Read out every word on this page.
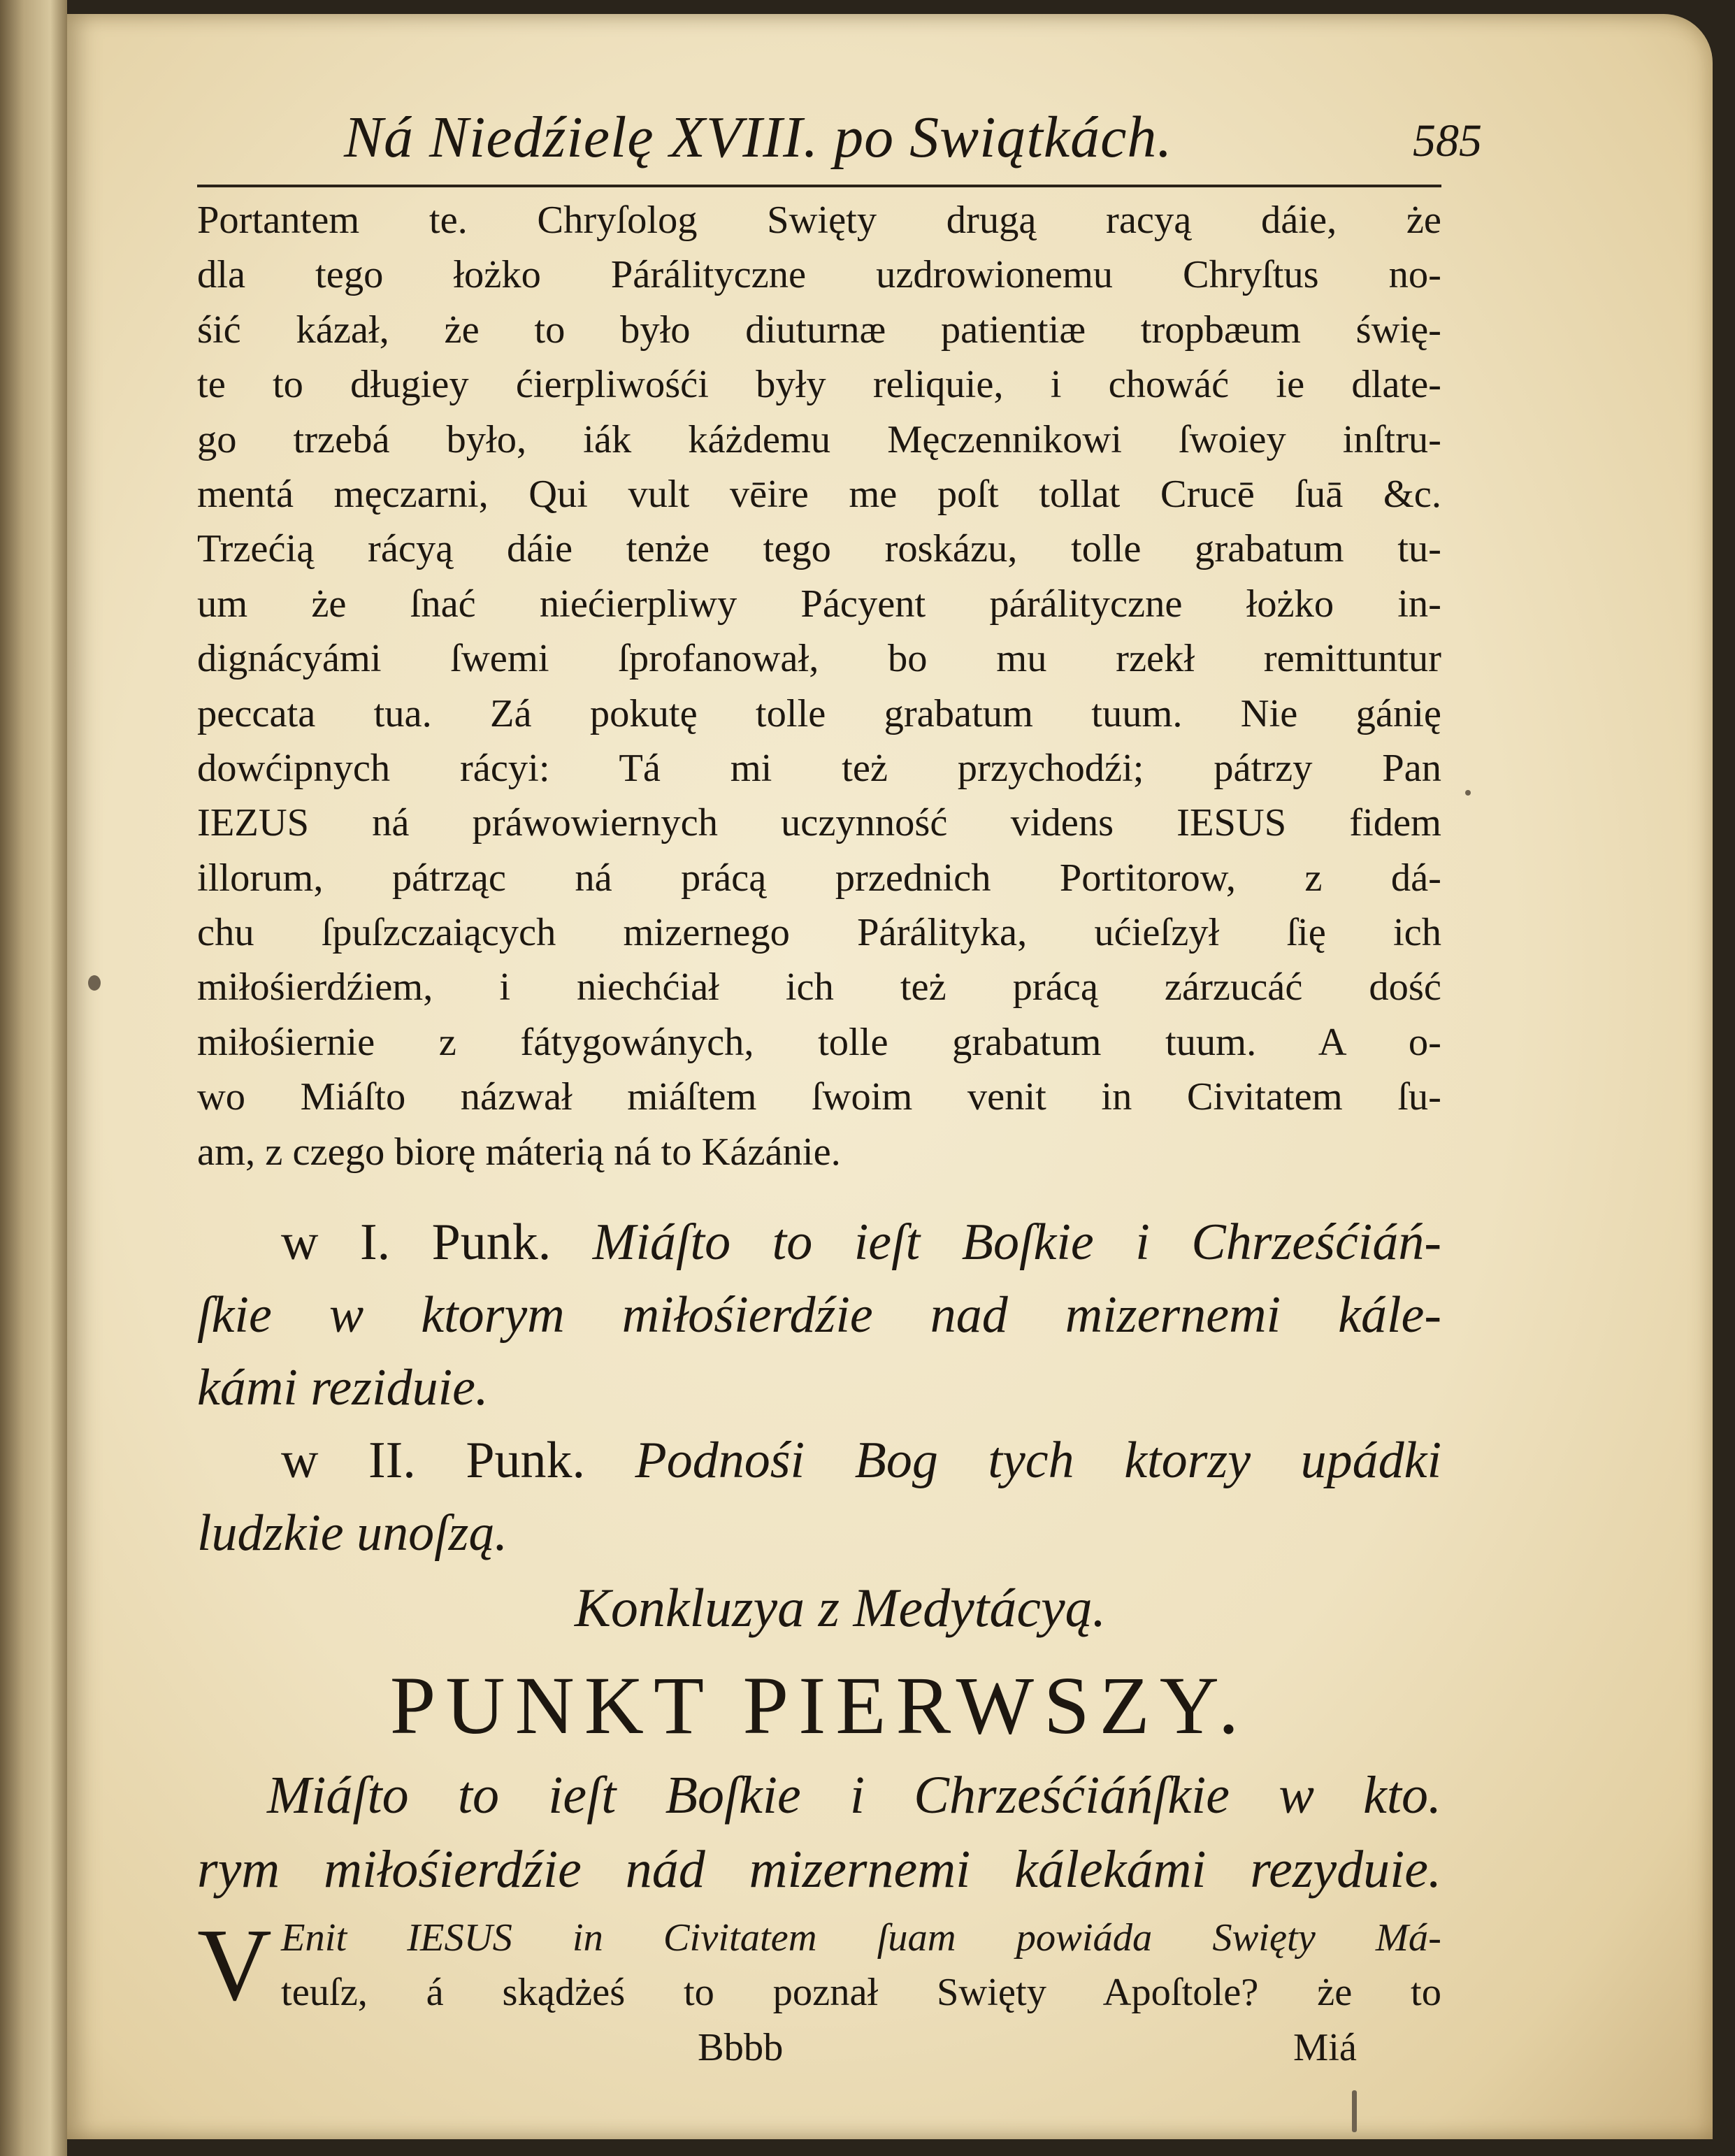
Ná Niedźielę XVIII. po Swiątkách.	585
Portantem te. Chryſolog Swięty drugą racyą dáie, że
dla tego łożko Párálityczne uzdrowionemu Chryſtus no-
śić kázał, że to było diuturnæ patientiæ tropbæum świę-
te to długiey ćierpliwośći były reliquie, i chowáć ie dlate-
go trzebá było, iák káżdemu Męczennikowi ſwoiey inſtru-
mentá męczarni, Qui vult vēire me poſt tollat Crucē ſuā &c.
Trzećią rácyą dáie tenże tego roskázu, tolle grabatum tu-
um że ſnać niećierpliwy Pácyent párálityczne łożko in-
dignácyámi ſwemi ſprofanował, bo mu rzekł remittuntur
peccata tua. Zá pokutę tolle grabatum tuum. Nie gánię
dowćipnych rácyi: Tá mi też przychodźi; pátrzy Pan
IEZUS ná práwowiernych uczynność videns IESUS fidem
illorum, pátrząc ná prácą przednich Portitorow, z dá-
chu ſpuſzczaiących mizernego Párálityka, ućieſzył ſię ich
miłośierdźiem, i niechćiał ich też prácą zárzucáć dość
miłośiernie z fátygowánych, tolle grabatum tuum. A o-
wo Miáſto názwał miáſtem ſwoim venit in Civitatem ſu-
am, z czego biorę máterią ná to Kázánie.
w I. Punk. Miáſto to ieſt Boſkie i Chrześćiáń-
ſkie w ktorym miłośierdźie nad mizernemi kále-
kámi reziduie.
w II. Punk. Podnośi Bog tych ktorzy upádki
ludzkie unoſzą.
Konkluzya z Medytácyą.
PUNKT PIERWSZY.
Miáſto to ieſt Boſkie i Chrześćiáńſkie w kto.
rym miłośierdźie nád mizernemi kálekámi rezyduie.
V Enit IESUS in Civitatem ſuam powiáda Swięty Má-
teuſz, á skądżeś to poznał Swięty Apoſtole? że to
Bbbb	Miá
